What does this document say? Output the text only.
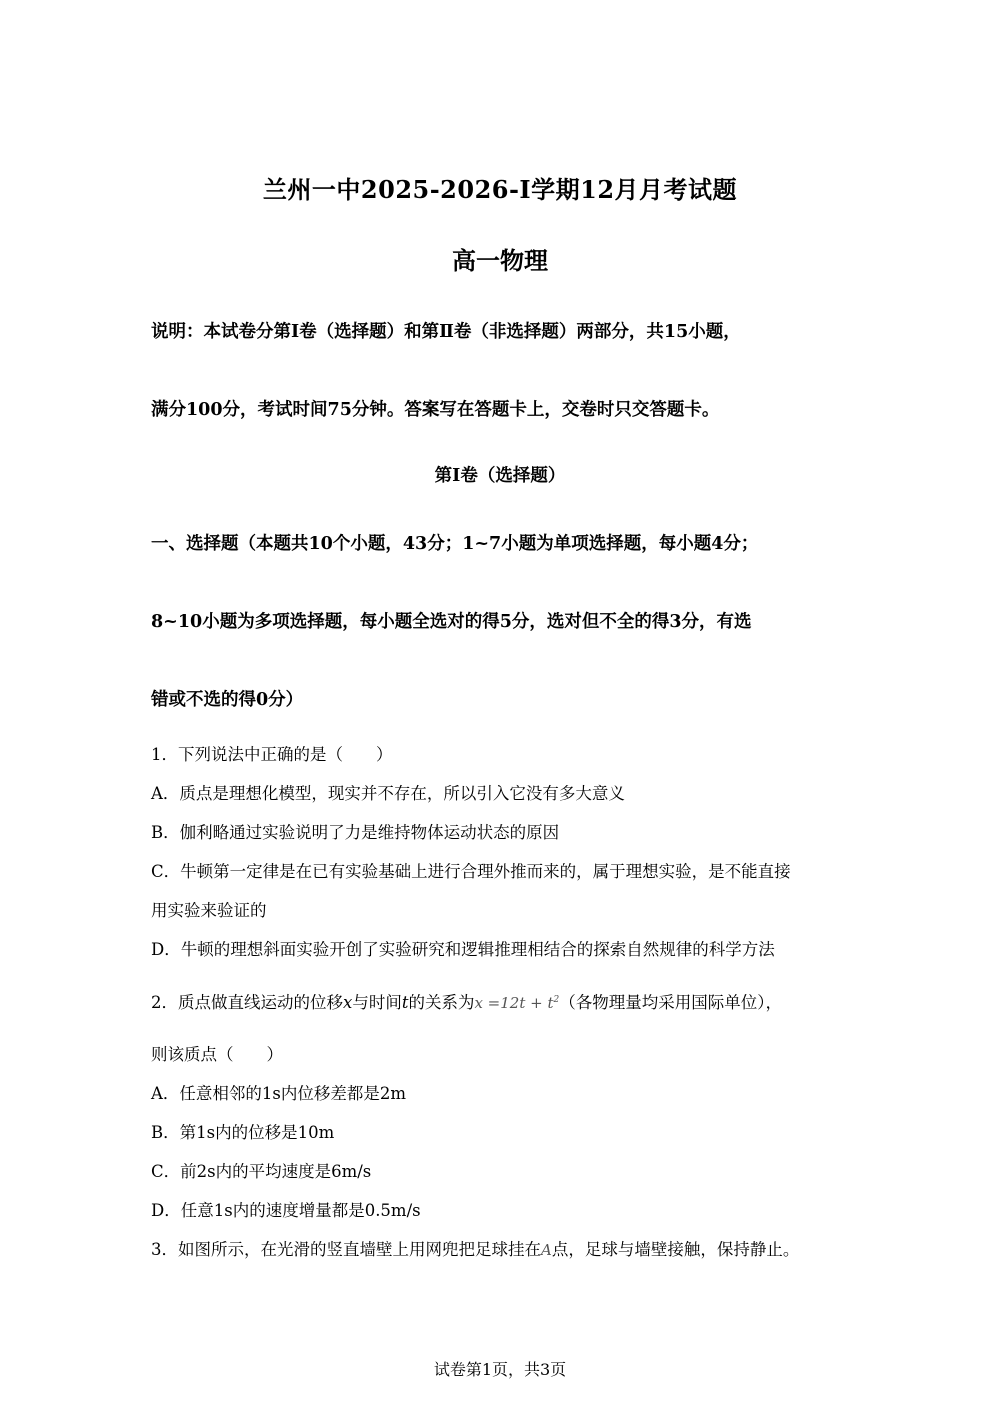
兰州一中2025-2026-Ⅰ学期12月月考试题
高一物理
说明：本试卷分第Ⅰ卷（选择题）和第Ⅱ卷（非选择题）两部分，共15小题，
满分100分，考试时间75分钟。答案写在答题卡上，交卷时只交答题卡。
第Ⅰ卷（选择题）
一、选择题（本题共10个小题，43分；1~7小题为单项选择题，每小题4分；
8~10小题为多项选择题，每小题全选对的得5分，选对但不全的得3分，有选
错或不选的得0分）
1．下列说法中正确的是（　　）
A．质点是理想化模型，现实并不存在，所以引入它没有多大意义
B．伽利略通过实验说明了力是维持物体运动状态的原因
C．牛顿第一定律是在已有实验基础上进行合理外推而来的，属于理想实验，是不能直接
用实验来验证的
D．牛顿的理想斜面实验开创了实验研究和逻辑推理相结合的探索自然规律的科学方法
2．质点做直线运动的位移x与时间t的关系为$x =12t + t^2$（各物理量均采用国际单位），
则该质点（　　）
A．任意相邻的1s内位移差都是2m
B．第1s内的位移是10m
C．前2s内的平均速度是6m/s
D．任意1s内的速度增量都是0.5m/s
3．如图所示，在光滑的竖直墙壁上用网兜把足球挂在A点，足球与墙壁接触，保持静止。
试卷第1页，共3页
